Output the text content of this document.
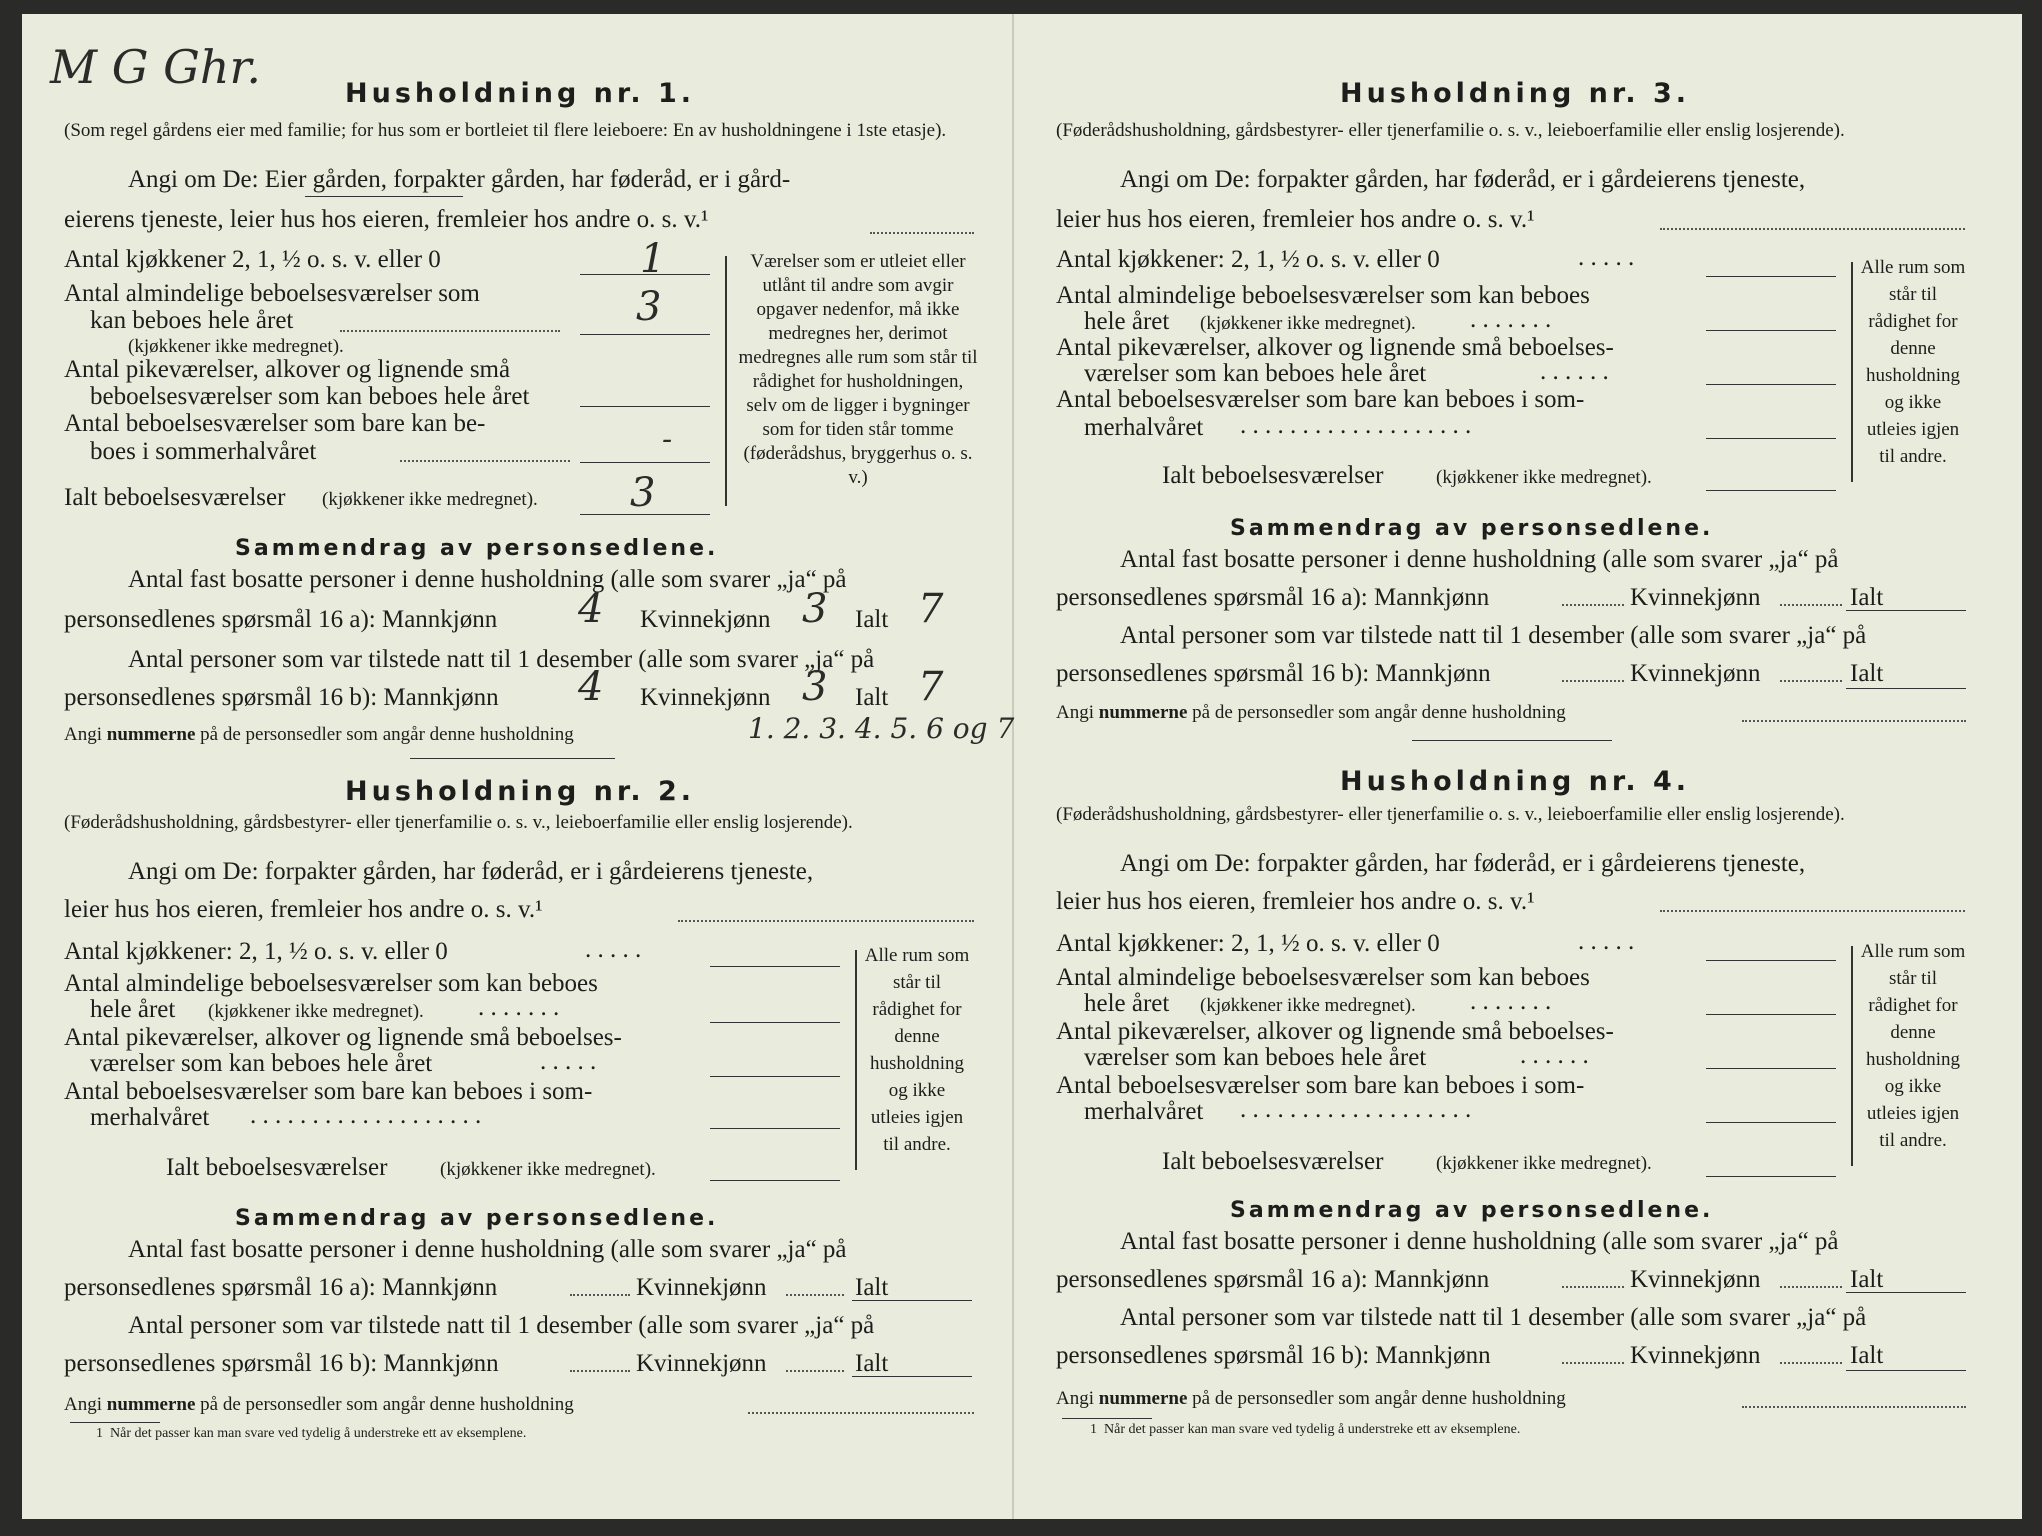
M G Ghr.	Husholdning nr. 1.
(Som regel gårdens eier med familie; for hus som er bortleiet til flere leieboere: En av husholdningene i 1ste etasje).
Angi om De: Eier gården, forpakter gården, har føderåd, er i gård-
eierens tjeneste, leier hus hos eieren, fremleier hos andre o. s. v.¹
Antal kjøkkener 2, 1, ½ o. s. v. eller 0	1
Antal almindelige beboelsesværelser som
kan beboes hele året
(kjøkkener ikke medregnet).
3
Antal pikeværelser, alkover og lignende små
beboelsesværelser som kan beboes hele året
Antal beboelsesværelser som bare kan be-
boes i sommerhalvåret	-
Ialt beboelsesværelser (kjøkkener ikke medregnet). 3
Værelser som er utleiet eller utlånt til andre som avgir opgaver nedenfor, må ikke medregnes her, derimot medregnes alle rum som står til rådighet for husholdningen, selv om de ligger i bygninger som for tiden står tomme (føderådshus, bryggerhus o. s. v.)
Sammendrag av personsedlene.
Antal fast bosatte personer i denne husholdning (alle som svarer „ja“ på
personsedlenes spørsmål 16 a): Mannkjønn 4 Kvinnekjønn 3 Ialt 7
Antal personer som var tilstede natt til 1 desember (alle som svarer „ja“ på
personsedlenes spørsmål 16 b): Mannkjønn 4 Kvinnekjønn 3 Ialt 7
Angi nummerne på de personsedler som angår denne husholdning	1. 2. 3. 4. 5. 6 og 7
Husholdning nr. 2.
(Føderådshusholdning, gårdsbestyrer- eller tjenerfamilie o. s. v., leieboerfamilie eller enslig losjerende).
Angi om De: forpakter gården, har føderåd, er i gårdeierens tjeneste,
leier hus hos eieren, fremleier hos andre o. s. v.¹
Antal kjøkkener: 2, 1, ½ o. s. v. eller 0	. . . . .
Antal almindelige beboelsesværelser som kan beboes
hele året (kjøkkener ikke medregnet). . . . . . . .
Antal pikeværelser, alkover og lignende små beboelses-
værelser som kan beboes hele året	. . . . .
Antal beboelsesværelser som bare kan beboes i som-
merhalvåret . . . . . . . . . . . . . . . . . . .
Ialt beboelsesværelser	(kjøkkener ikke medregnet).
Alle rum som står til rådighet for denne husholdning og ikke utleies igjen til andre.
Sammendrag av personsedlene.
Antal fast bosatte personer i denne husholdning (alle som svarer „ja“ på
personsedlenes spørsmål 16 a): Mannkjønn	Kvinnekjønn	Ialt
Antal personer som var tilstede natt til 1 desember (alle som svarer „ja“ på
personsedlenes spørsmål 16 b): Mannkjønn	Kvinnekjønn	Ialt
Angi nummerne på de personsedler som angår denne husholdning
1 Når det passer kan man svare ved tydelig å understreke ett av eksemplene.
Husholdning nr. 3.
(Føderådshusholdning, gårdsbestyrer- eller tjenerfamilie o. s. v., leieboerfamilie eller enslig losjerende).
Angi om De: forpakter gården, har føderåd, er i gårdeierens tjeneste,
leier hus hos eieren, fremleier hos andre o. s. v.¹
Antal kjøkkener: 2, 1, ½ o. s. v. eller 0	. . . . .
Antal almindelige beboelsesværelser som kan beboes
hele året (kjøkkener ikke medregnet). . . . . . . .
Antal pikeværelser, alkover og lignende små beboelses-
værelser som kan beboes hele året	. . . . . .
Antal beboelsesværelser som bare kan beboes i som-
merhalvåret . . . . . . . . . . . . . . . . . . .
Ialt beboelsesværelser	(kjøkkener ikke medregnet).
Alle rum som står til rådighet for denne husholdning og ikke utleies igjen til andre.
Sammendrag av personsedlene.
Antal fast bosatte personer i denne husholdning (alle som svarer „ja“ på
personsedlenes spørsmål 16 a): Mannkjønn	Kvinnekjønn	Ialt
Antal personer som var tilstede natt til 1 desember (alle som svarer „ja“ på
personsedlenes spørsmål 16 b): Mannkjønn	Kvinnekjønn	Ialt
Angi nummerne på de personsedler som angår denne husholdning
Husholdning nr. 4.
(Føderådshusholdning, gårdsbestyrer- eller tjenerfamilie o. s. v., leieboerfamilie eller enslig losjerende).
Angi om De: forpakter gården, har føderåd, er i gårdeierens tjeneste,
leier hus hos eieren, fremleier hos andre o. s. v.¹
Antal kjøkkener: 2, 1, ½ o. s. v. eller 0	. . . . .
Antal almindelige beboelsesværelser som kan beboes
hele året (kjøkkener ikke medregnet). . . . . . . .
Antal pikeværelser, alkover og lignende små beboelses-
værelser som kan beboes hele året	. . . . . .
Antal beboelsesværelser som bare kan beboes i som-
merhalvåret . . . . . . . . . . . . . . . . . . .
Ialt beboelsesværelser	(kjøkkener ikke medregnet).
Alle rum som står til rådighet for denne husholdning og ikke utleies igjen til andre.
Sammendrag av personsedlene.
Antal fast bosatte personer i denne husholdning (alle som svarer „ja“ på
personsedlenes spørsmål 16 a): Mannkjønn	Kvinnekjønn	Ialt
Antal personer som var tilstede natt til 1 desember (alle som svarer „ja“ på
personsedlenes spørsmål 16 b): Mannkjønn	Kvinnekjønn	Ialt
Angi nummerne på de personsedler som angår denne husholdning
1 Når det passer kan man svare ved tydelig å understreke ett av eksemplene.
